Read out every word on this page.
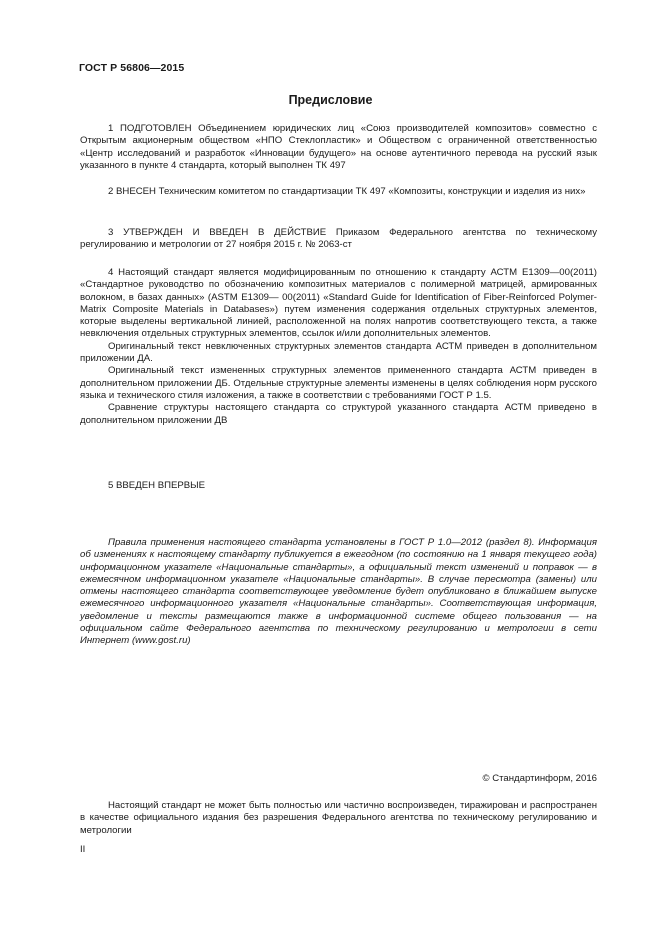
ГОСТ Р 56806—2015
Предисловие

1 ПОДГОТОВЛЕН Объединением юридических лиц «Союз производителей композитов» совместно с Открытым акционерным обществом «НПО Стеклопластик» и Обществом с ограниченной ответственностью «Центр исследований и разработок «Инновации будущего» на основе аутентичного перевода на русский язык указанного в пункте 4 стандарта, который выполнен ТК 497

2 ВНЕСЕН Техническим комитетом по стандартизации ТК 497 «Композиты, конструкции и изделия из них»

3 УТВЕРЖДЕН И ВВЕДЕН В ДЕЙСТВИЕ Приказом Федерального агентства по техническому регулированию и метрологии от 27 ноября 2015 г. № 2063-ст

4 Настоящий стандарт является модифицированным по отношению к стандарту АСТМ Е1309—00(2011) «Стандартное руководство по обозначению композитных материалов с полимерной матрицей, армированных волокном, в базах данных» (ASTM E1309— 00(2011) «Standard Guide for Identification of Fiber-Reinforced Polymer-Matrix Composite Materials in Databases») путем изменения содержания отдельных структурных элементов, которые выделены вертикальной линией, расположенной на полях напротив соответствующего текста, а также невключения отдельных структурных элементов, ссылок и/или дополнительных элементов.

Оригинальный текст невключенных структурных элементов стандарта АСТМ приведен в дополнительном приложении ДА.

Оригинальный текст измененных структурных элементов примененного стандарта АСТМ приведен в дополнительном приложении ДБ. Отдельные структурные элементы изменены в целях соблюдения норм русского языка и технического стиля изложения, а также в соответствии с требованиями ГОСТ Р 1.5.

Сравнение структуры настоящего стандарта со структурой указанного стандарта АСТМ приведено в дополнительном приложении ДВ

5 ВВЕДЕН ВПЕРВЫЕ

Правила применения настоящего стандарта установлены в ГОСТ Р 1.0—2012 (раздел 8). Информация об изменениях к настоящему стандарту публикуется в ежегодном (по состоянию на 1 января текущего года) информационном указателе «Национальные стандарты», а официальный текст изменений и поправок — в ежемесячном информационном указателе «Национальные стандарты». В случае пересмотра (замены) или отмены настоящего стандарта соответствующее уведомление будет опубликовано в ближайшем выпуске ежемесячного информационного указателя «Национальные стандарты». Соответствующая информация, уведомление и тексты размещаются также в информационной системе общего пользования — на официальном сайте Федерального агентства по техническому регулированию и метрологии в сети Интернет (www.gost.ru)

© Стандартинформ, 2016

Настоящий стандарт не может быть полностью или частично воспроизведен, тиражирован и распространен в качестве официального издания без разрешения Федерального агентства по техническому регулированию и метрологии

II
